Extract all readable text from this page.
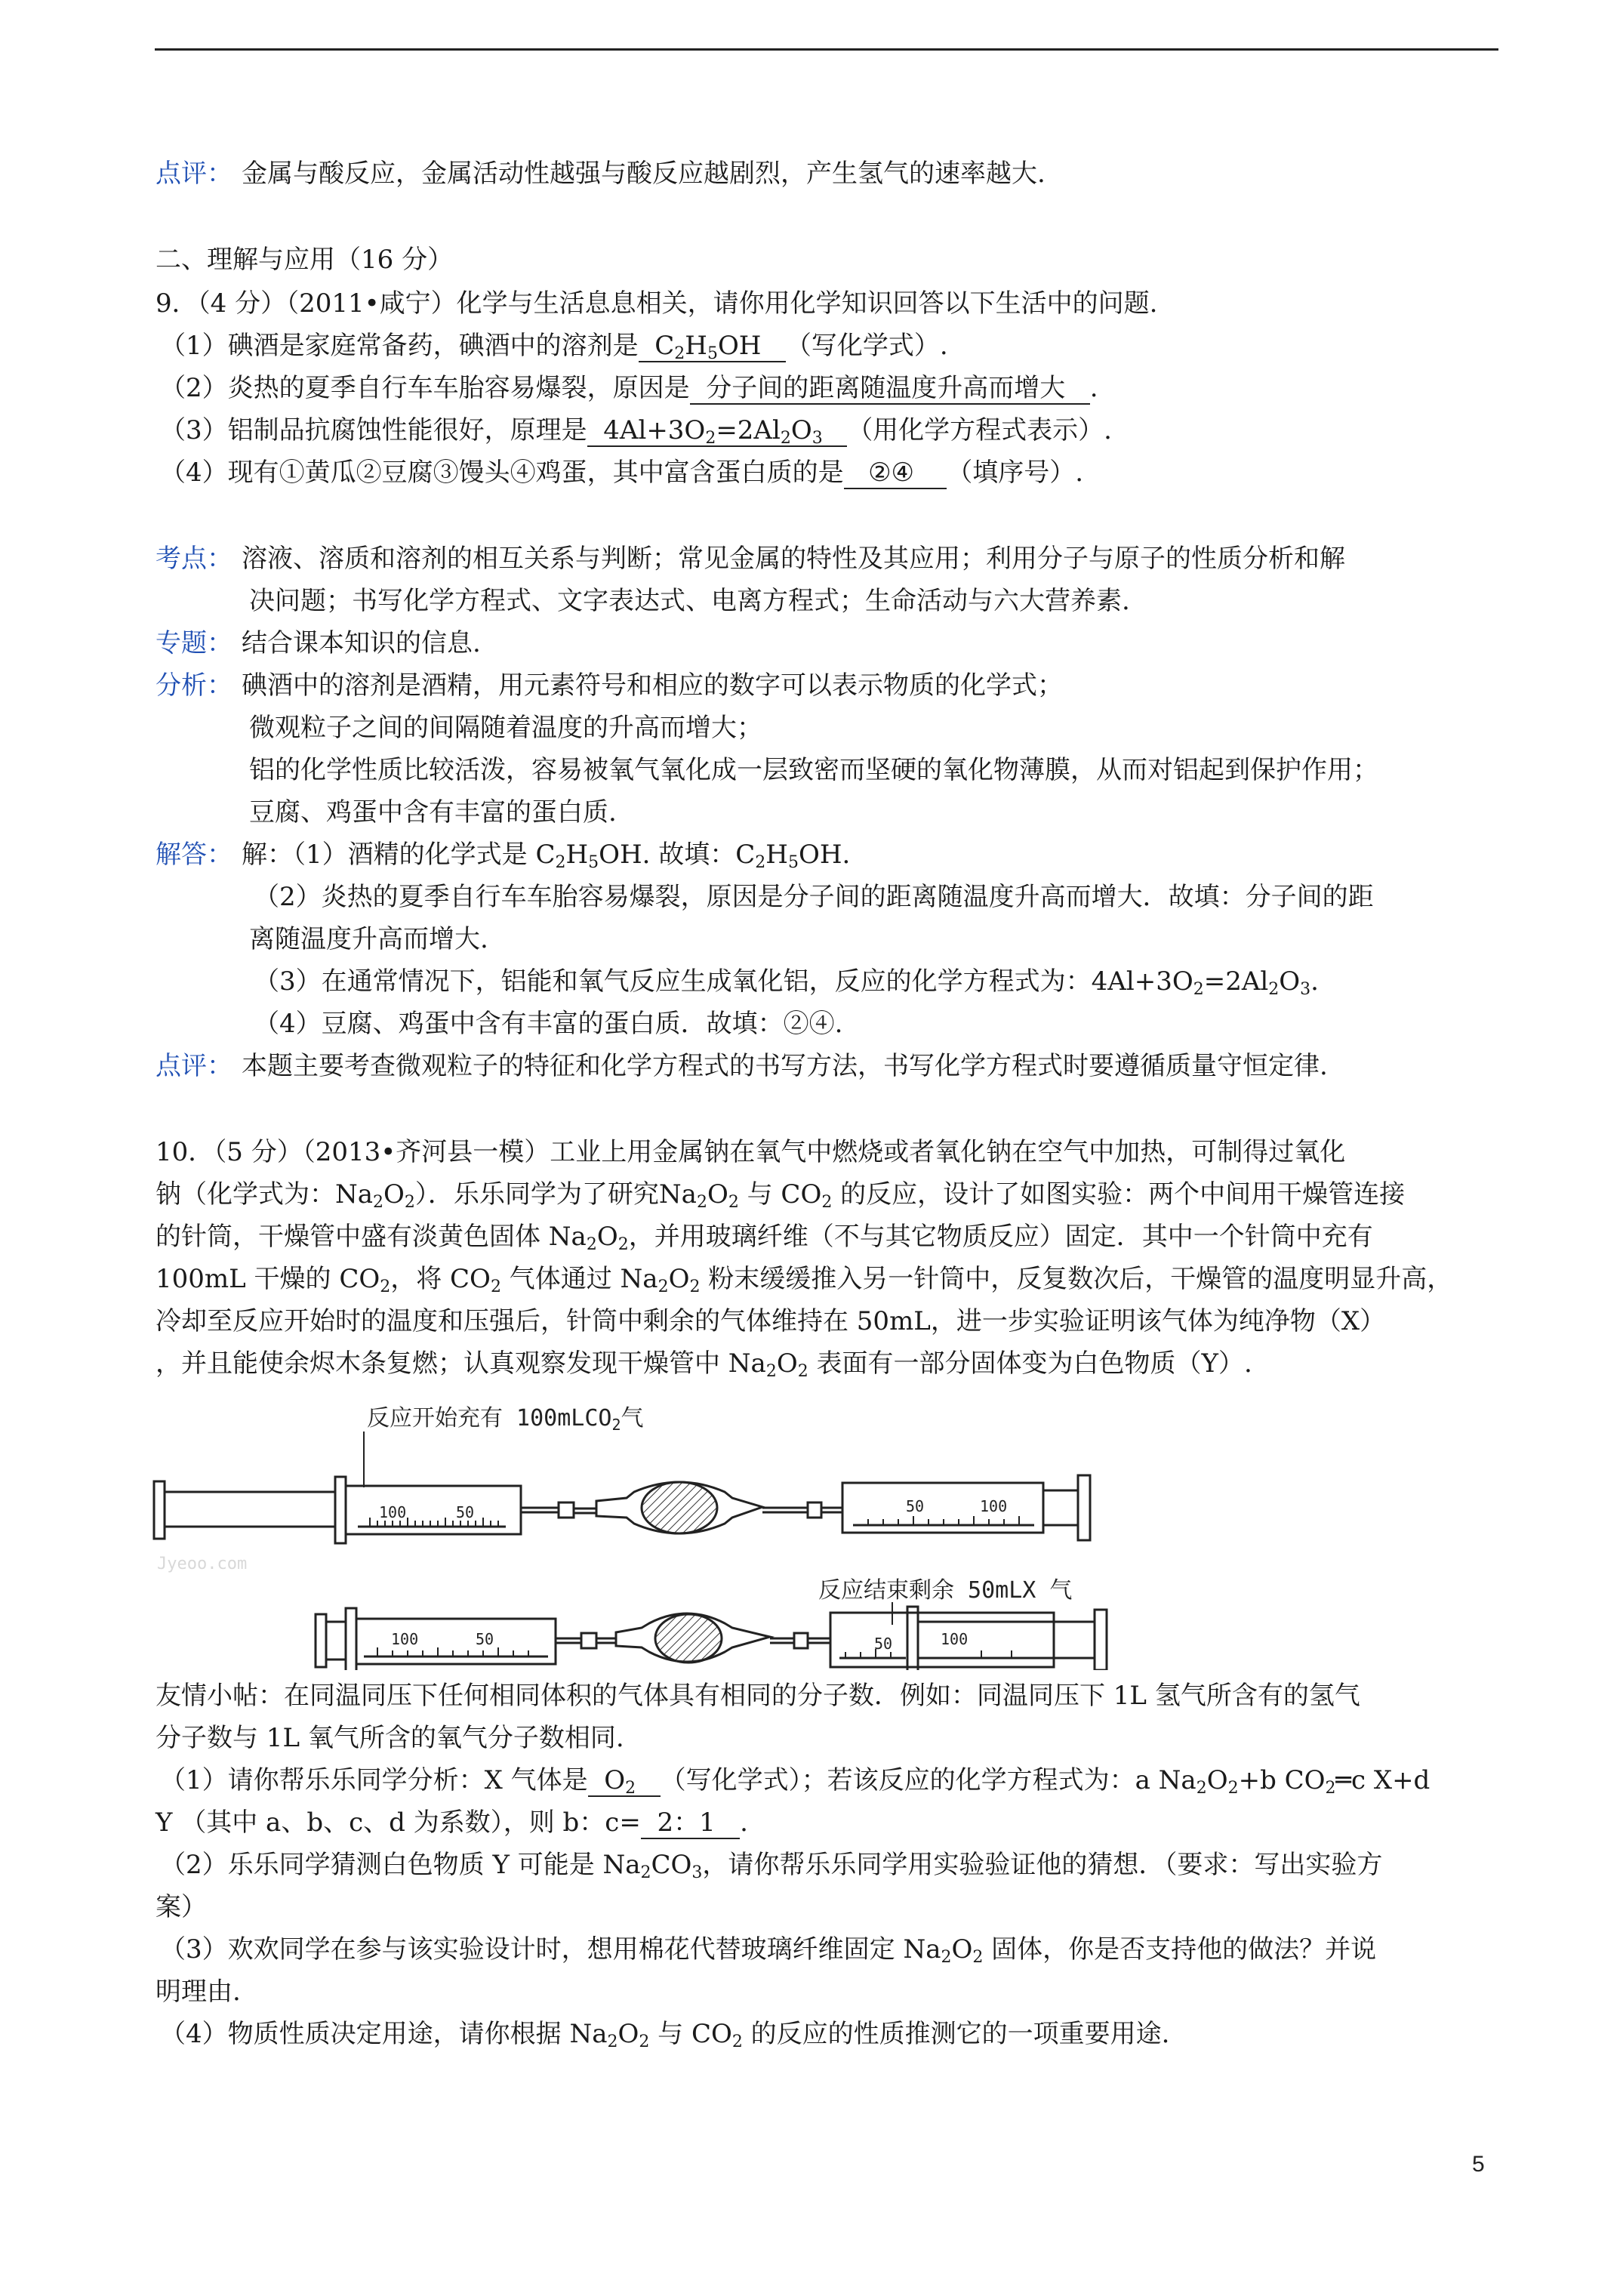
点评： 金属与酸反应，金属活动性越强与酸反应越剧烈，产生氢气的速率越大.
二、理解与应用（16 分）
9．（4 分）（2011•咸宁）化学与生活息息相关，请你用化学知识回答以下生活中的问题.
（1）碘酒是家庭常备药，碘酒中的溶剂是  $C_2H_5OH$   （写化学式）.
（2）炎热的夏季自行车车胎容易爆裂，原因是 分子间的距离随温度升高而增大 .
（3）铝制品抗腐蚀性能很好，原理是  $4Al+3O_2=2Al_2O_3$ （用化学方程式表示）.
（4）现有①黄瓜②豆腐③馒头④鸡蛋，其中富含蛋白质的是 ②④ （填序号）.
考点： 溶液、溶质和溶剂的相互关系与判断；常见金属的特性及其应用；利用分子与原子的性质分析和解
决问题；书写化学方程式、文字表达式、电离方程式；生命活动与六大营养素.
专题： 结合课本知识的信息.
分析： 碘酒中的溶剂是酒精，用元素符号和相应的数字可以表示物质的化学式；
微观粒子之间的间隔随着温度的升高而增大；
铝的化学性质比较活泼，容易被氧气氧化成一层致密而坚硬的氧化物薄膜，从而对铝起到保护作用；
豆腐、鸡蛋中含有丰富的蛋白质.
解答： 解：（1）酒精的化学式是 $C_2H_5OH$. 故填：$C_2H_5OH$.
（2）炎热的夏季自行车车胎容易爆裂，原因是分子间的距离随温度升高而增大．故填：分子间的距
离随温度升高而增大.
（3）在通常情况下，铝能和氧气反应生成氧化铝，反应的化学方程式为：$4Al+3O_2=2Al_2O_3$.
（4）豆腐、鸡蛋中含有丰富的蛋白质．故填：②④.
点评： 本题主要考查微观粒子的特征和化学方程式的书写方法，书写化学方程式时要遵循质量守恒定律.
10．（5 分）（2013•齐河县一模）工业上用金属钠在氧气中燃烧或者氧化钠在空气中加热，可制得过氧化
钠（化学式为：$Na_2O_2$）．乐乐同学为了研究$Na_2O_2$ 与 $CO_2$ 的反应，设计了如图实验：两个中间用干燥管连接
的针筒，干燥管中盛有淡黄色固体 $Na_2O_2$，并用玻璃纤维（不与其它物质反应）固定．其中一个针筒中充有
100mL 干燥的 $CO_2$，将 $CO_2$ 气体通过 $Na_2O_2$ 粉末缓缓推入另一针筒中，反复数次后，干燥管的温度明显升高，
冷却至反应开始时的温度和压强后，针筒中剩余的气体维持在 50mL，进一步实验证明该气体为纯净物（X）
，并且能使余烬木条复燃；认真观察发现干燥管中 $Na_2O_2$ 表面有一部分固体变为白色物质（Y）.
反应开始充有 100mLCO$_2$气
100	50	50	100
Jyeoo.com
反应结束剩余 50mLX 气
100	50	50	100
友情小帖：在同温同压下任何相同体积的气体具有相同的分子数．例如：同温同压下 1L 氢气所含有的氢气
分子数与 1L 氧气所含的氧气分子数相同.
（1）请你帮乐乐同学分析：X 气体是  $O_2$ （写化学式）；若该反应的化学方程式为：a $Na_2O_2+b$ $CO_2═c$ X+d
Y （其中 a、b、c、d 为系数），则 b：c= 2：1 .
（2）乐乐同学猜测白色物质 Y 可能是 $Na_2CO_3$，请你帮乐乐同学用实验验证他的猜想．（要求：写出实验方
案）
（3）欢欢同学在参与该实验设计时，想用棉花代替玻璃纤维固定 $Na_2O_2$ 固体，你是否支持他的做法？并说
明理由.
（4）物质性质决定用途，请你根据 $Na_2O_2$ 与 $CO_2$ 的反应的性质推测它的一项重要用途.
5
